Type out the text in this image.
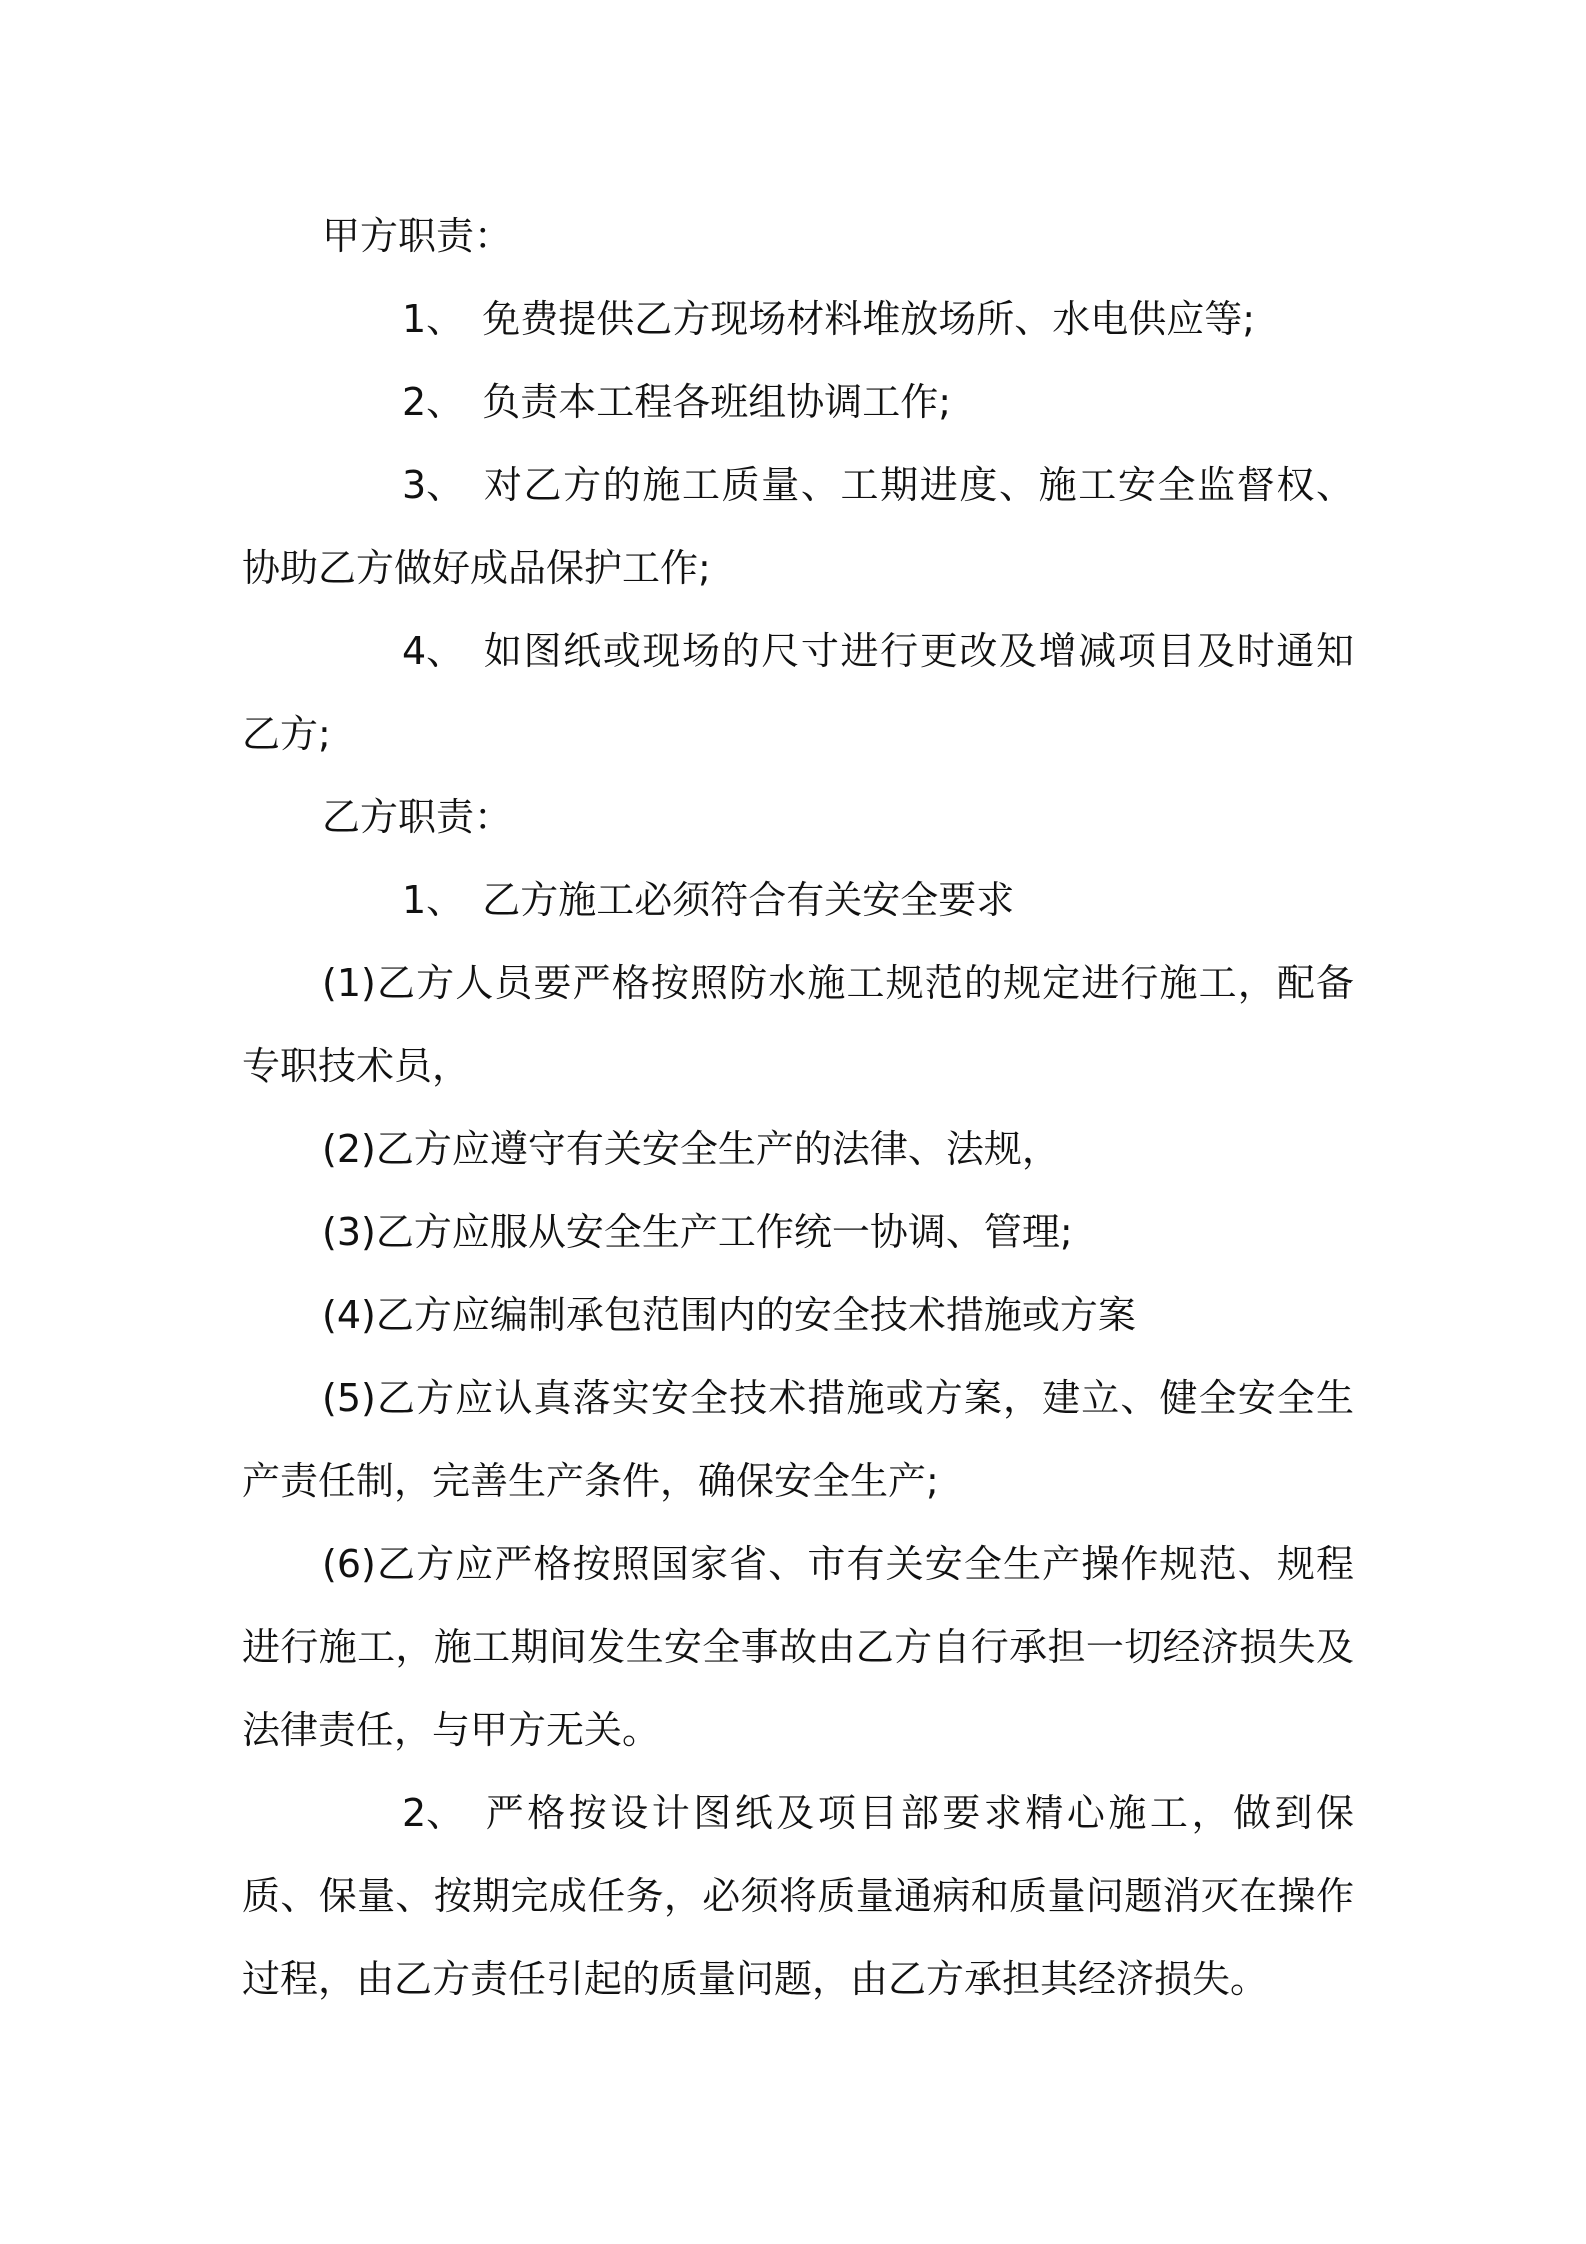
甲方职责：

1、 免费提供乙方现场材料堆放场所、水电供应等;

2、 负责本工程各班组协调工作;

3、 对乙方的施工质量、工期进度、施工安全监督权、协助乙方做好成品保护工作;

4、 如图纸或现场的尺寸进行更改及增减项目及时通知乙方;

乙方职责：

1、 乙方施工必须符合有关安全要求

(1)乙方人员要严格按照防水施工规范的规定进行施工，配备专职技术员，

(2)乙方应遵守有关安全生产的法律、法规，

(3)乙方应服从安全生产工作统一协调、管理;

(4)乙方应编制承包范围内的安全技术措施或方案

(5)乙方应认真落实安全技术措施或方案，建立、健全安全生产责任制，完善生产条件，确保安全生产;

(6)乙方应严格按照国家省、市有关安全生产操作规范、规程进行施工，施工期间发生安全事故由乙方自行承担一切经济损失及法律责任，与甲方无关。

2、 严格按设计图纸及项目部要求精心施工，做到保质、保量、按期完成任务，必须将质量通病和质量问题消灭在操作过程，由乙方责任引起的质量问题，由乙方承担其经济损失。
